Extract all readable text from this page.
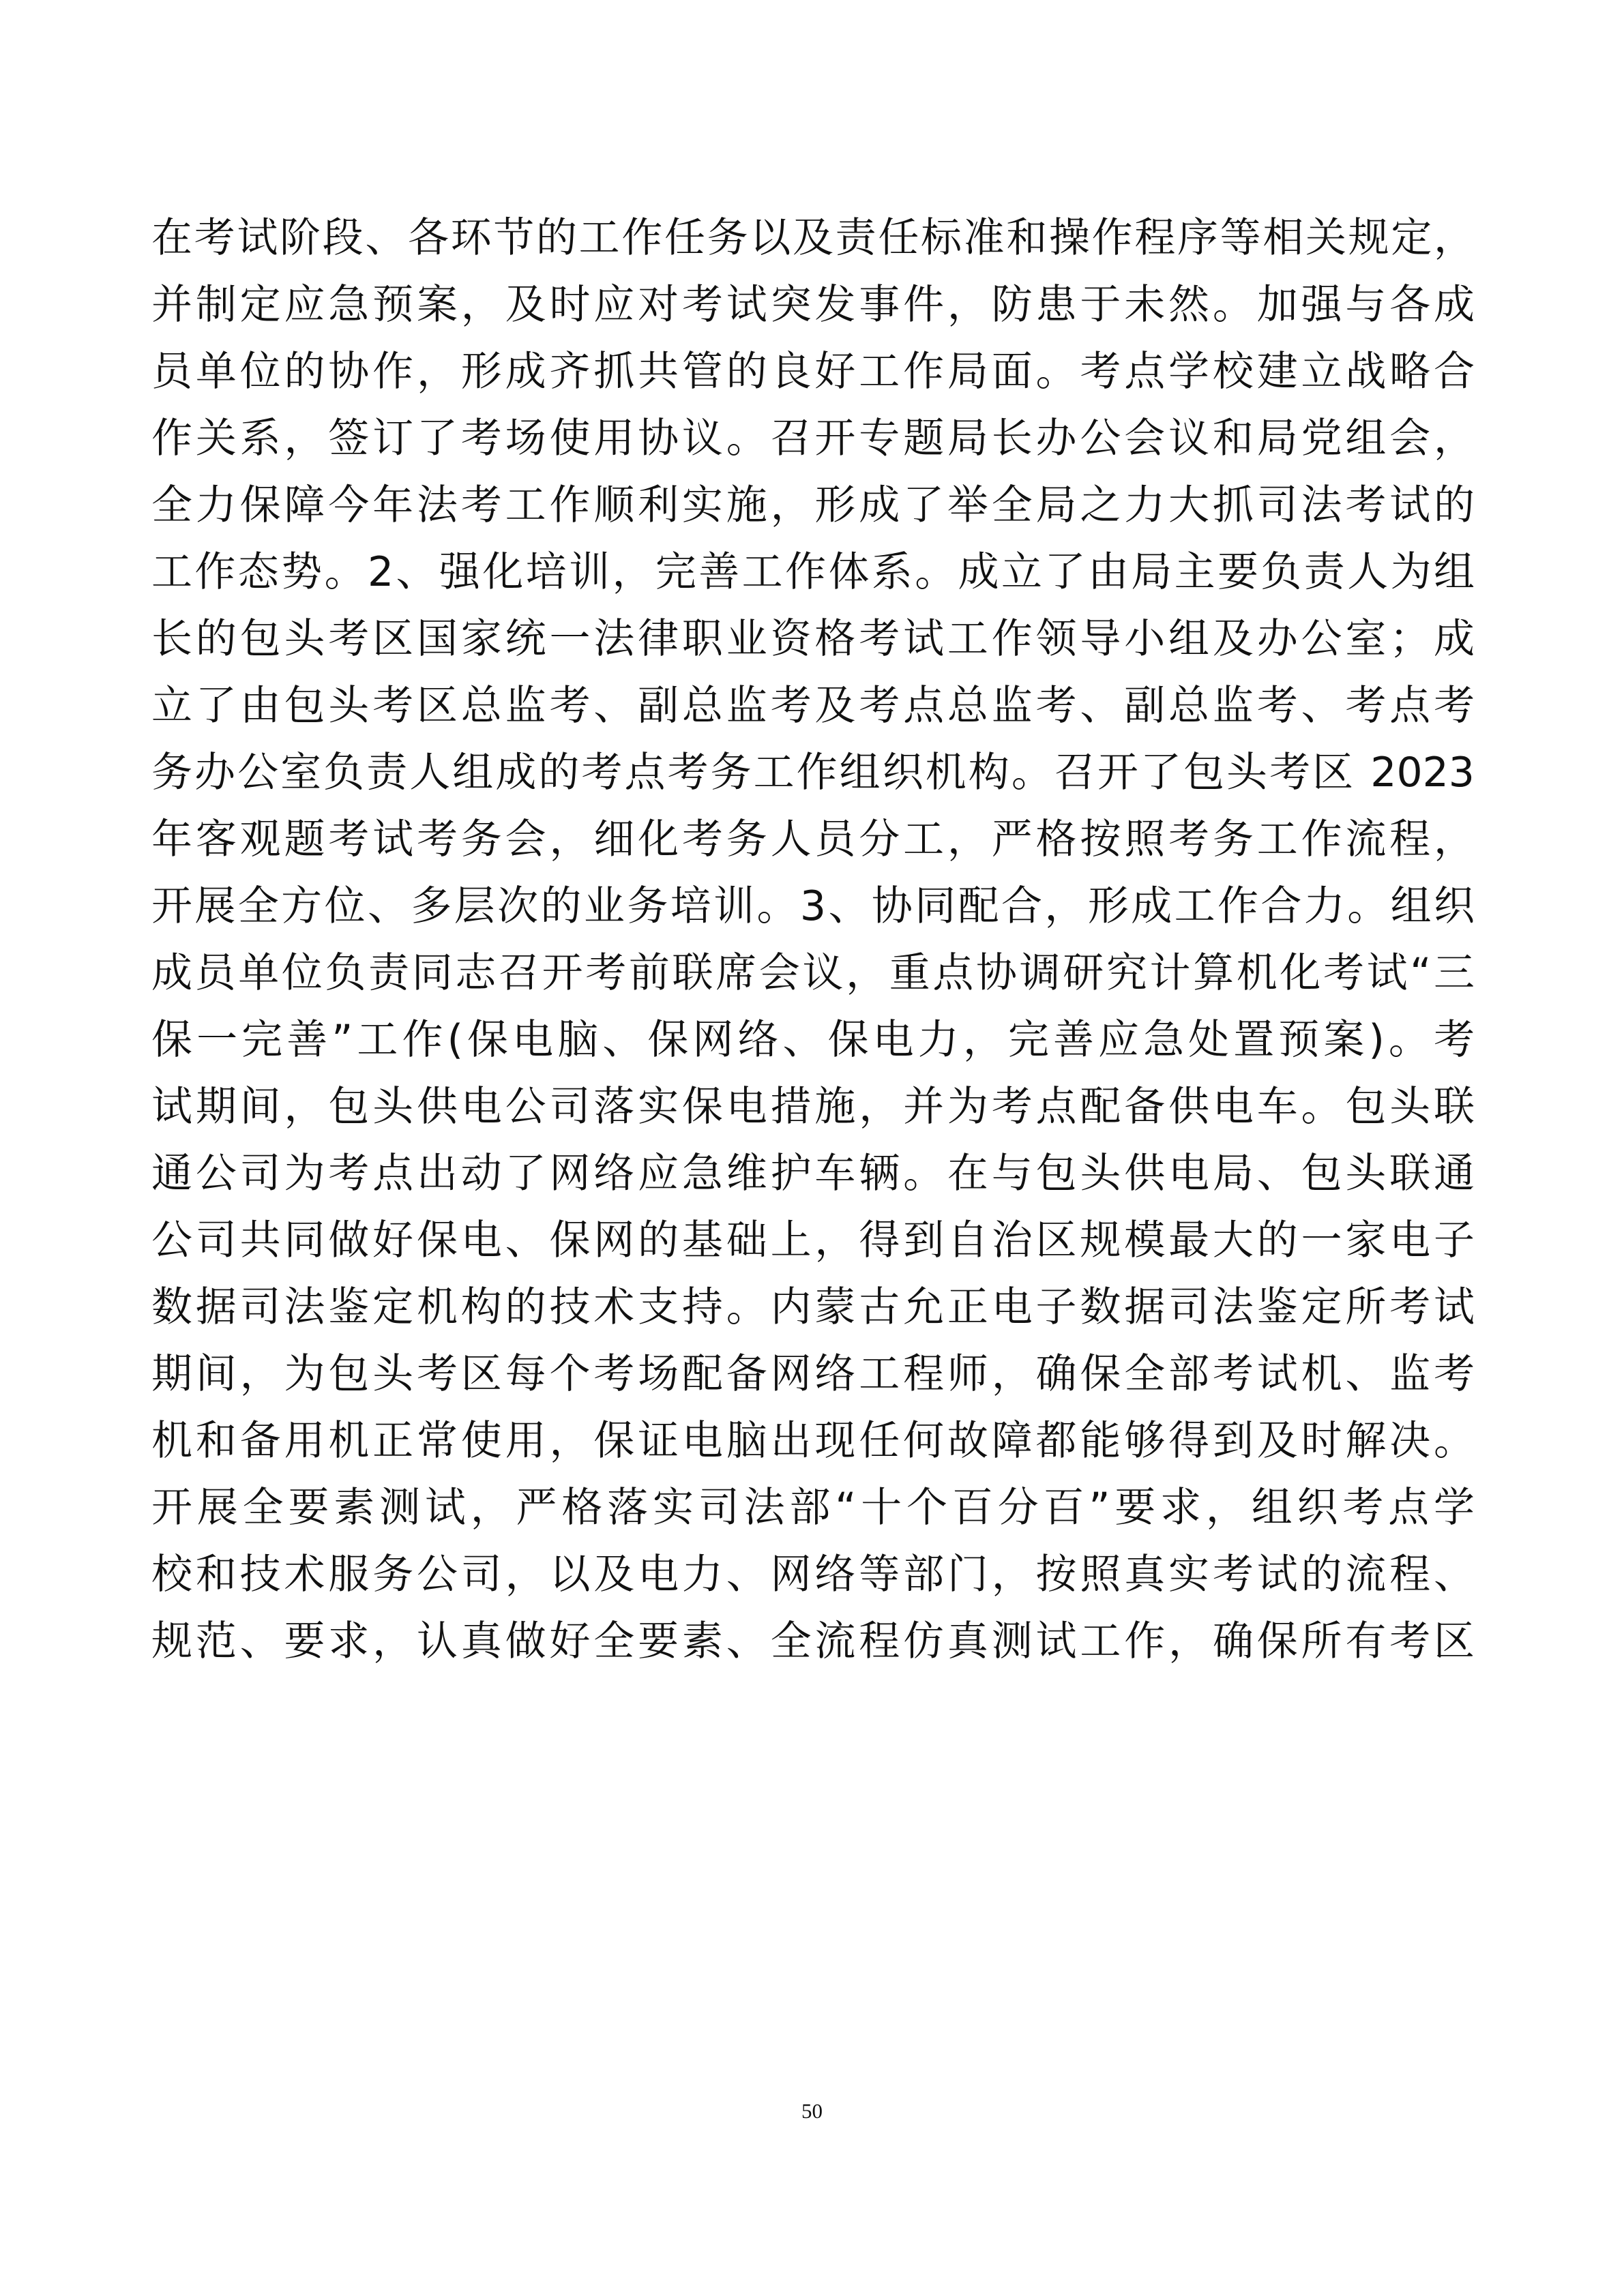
在考试阶段、各环节的工作任务以及责任标准和操作程序等相关规定，
并制定应急预案，及时应对考试突发事件，防患于未然。加强与各成
员单位的协作，形成齐抓共管的良好工作局面。考点学校建立战略合
作关系，签订了考场使用协议。召开专题局长办公会议和局党组会，
全力保障今年法考工作顺利实施，形成了举全局之力大抓司法考试的
工作态势。2、强化培训，完善工作体系。成立了由局主要负责人为组
长的包头考区国家统一法律职业资格考试工作领导小组及办公室；成
立了由包头考区总监考、副总监考及考点总监考、副总监考、考点考
务办公室负责人组成的考点考务工作组织机构。召开了包头考区 2023
年客观题考试考务会，细化考务人员分工，严格按照考务工作流程，
开展全方位、多层次的业务培训。3、协同配合，形成工作合力。组织
成员单位负责同志召开考前联席会议，重点协调研究计算机化考试“三
保一完善”工作(保电脑、保网络、保电力，完善应急处置预案)。考
试期间，包头供电公司落实保电措施，并为考点配备供电车。包头联
通公司为考点出动了网络应急维护车辆。在与包头供电局、包头联通
公司共同做好保电、保网的基础上，得到自治区规模最大的一家电子
数据司法鉴定机构的技术支持。内蒙古允正电子数据司法鉴定所考试
期间，为包头考区每个考场配备网络工程师，确保全部考试机、监考
机和备用机正常使用，保证电脑出现任何故障都能够得到及时解决。
开展全要素测试，严格落实司法部“十个百分百”要求，组织考点学
校和技术服务公司，以及电力、网络等部门，按照真实考试的流程、
规范、要求，认真做好全要素、全流程仿真测试工作，确保所有考区
50
